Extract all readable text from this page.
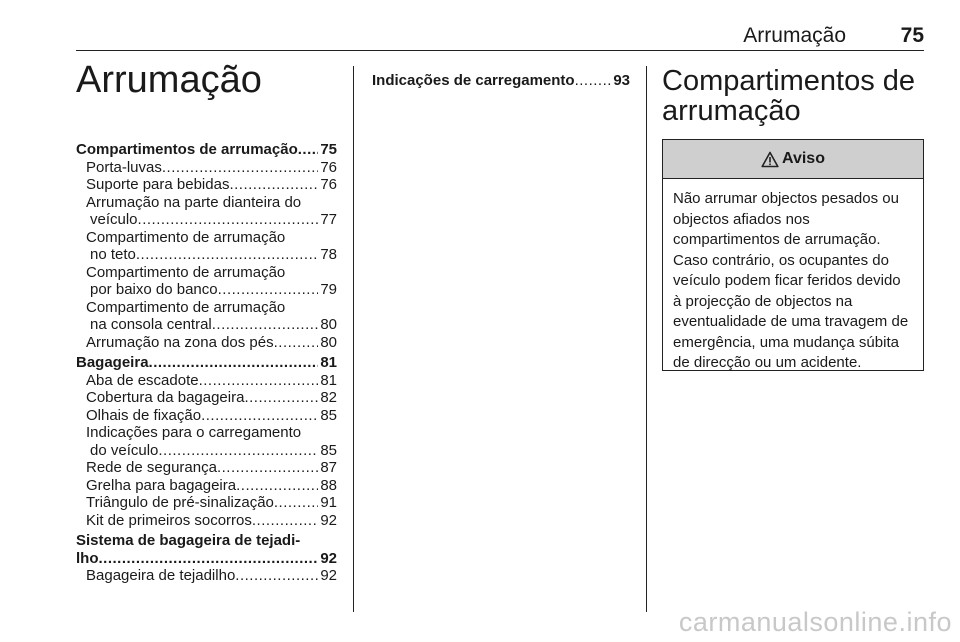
Arrumação	75
Arrumação
Compartimentos de arrumação ..... 75
Porta-luvas .....	76
Suporte para bebidas .....	76
Arrumação na parte dianteira do
veículo .....	77
Compartimento de arrumação
no teto .....	78
Compartimento de arrumação
por baixo do banco .....	79
Compartimento de arrumação
na consola central .....	80
Arrumação na zona dos pés .....	80
Bagageira .....	81
Aba de escadote .....	81
Cobertura da bagageira .....	82
Olhais de fixação .....	85
Indicações para o carregamento
do veículo .....	85
Rede de segurança .....	87
Grelha para bagageira .....	88
Triângulo de pré-sinalização .....	91
Kit de primeiros socorros .....	92
Sistema de bagageira de tejadi-
lho .....	92
Bagageira de tejadilho .....	92
Indicações de carregamento .....	93 Compartimentos de arrumação
Aviso
Não arrumar objectos pesados ou objectos afiados nos compartimentos de arrumação. Caso contrário, os ocupantes do veículo podem ficar feridos devido à projecção de objectos na eventualidade de uma travagem de emergência, uma mudança súbita de direcção ou um acidente.
carmanualsonline.info
